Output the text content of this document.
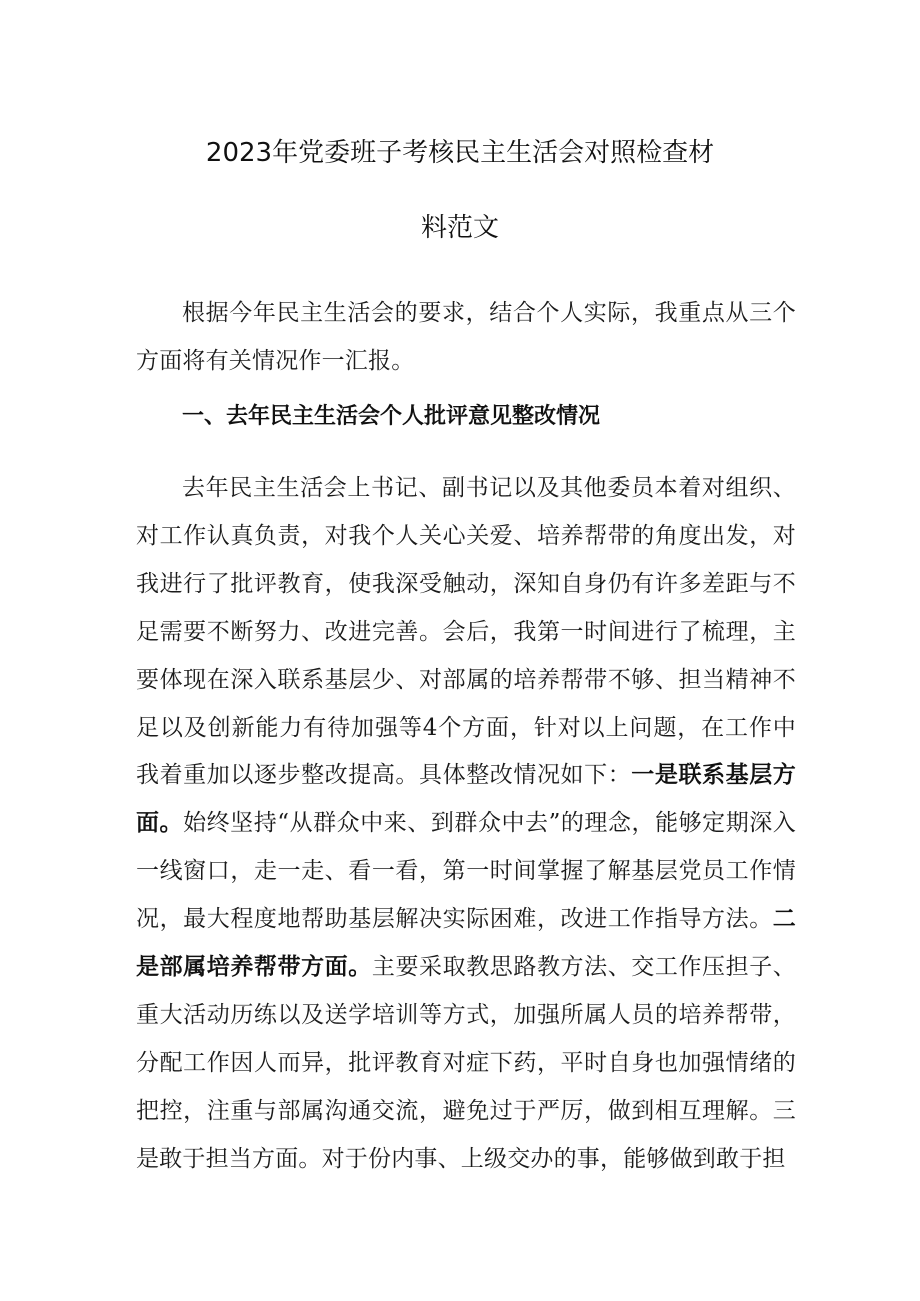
2023年党委班子考核民主生活会对照检查材
料范文

根据今年民主生活会的要求，结合个人实际，我重点从三个方面将有关情况作一汇报。

一、去年民主生活会个人批评意见整改情况

去年民主生活会上书记、副书记以及其他委员本着对组织、对工作认真负责，对我个人关心关爱、培养帮带的角度出发，对我进行了批评教育，使我深受触动，深知自身仍有许多差距与不足需要不断努力、改进完善。会后，我第一时间进行了梳理，主要体现在深入联系基层少、对部属的培养帮带不够、担当精神不足以及创新能力有待加强等4个方面，针对以上问题，在工作中我着重加以逐步整改提高。具体整改情况如下：一是联系基层方面。始终坚持“从群众中来、到群众中去”的理念，能够定期深入一线窗口，走一走、看一看，第一时间掌握了解基层党员工作情况，最大程度地帮助基层解决实际困难，改进工作指导方法。二是部属培养帮带方面。主要采取教思路教方法、交工作压担子、重大活动历练以及送学培训等方式，加强所属人员的培养帮带，分配工作因人而异，批评教育对症下药，平时自身也加强情绪的把控，注重与部属沟通交流，避免过于严厉，做到相互理解。三是敢于担当方面。对于份内事、上级交办的事，能够做到敢于担
